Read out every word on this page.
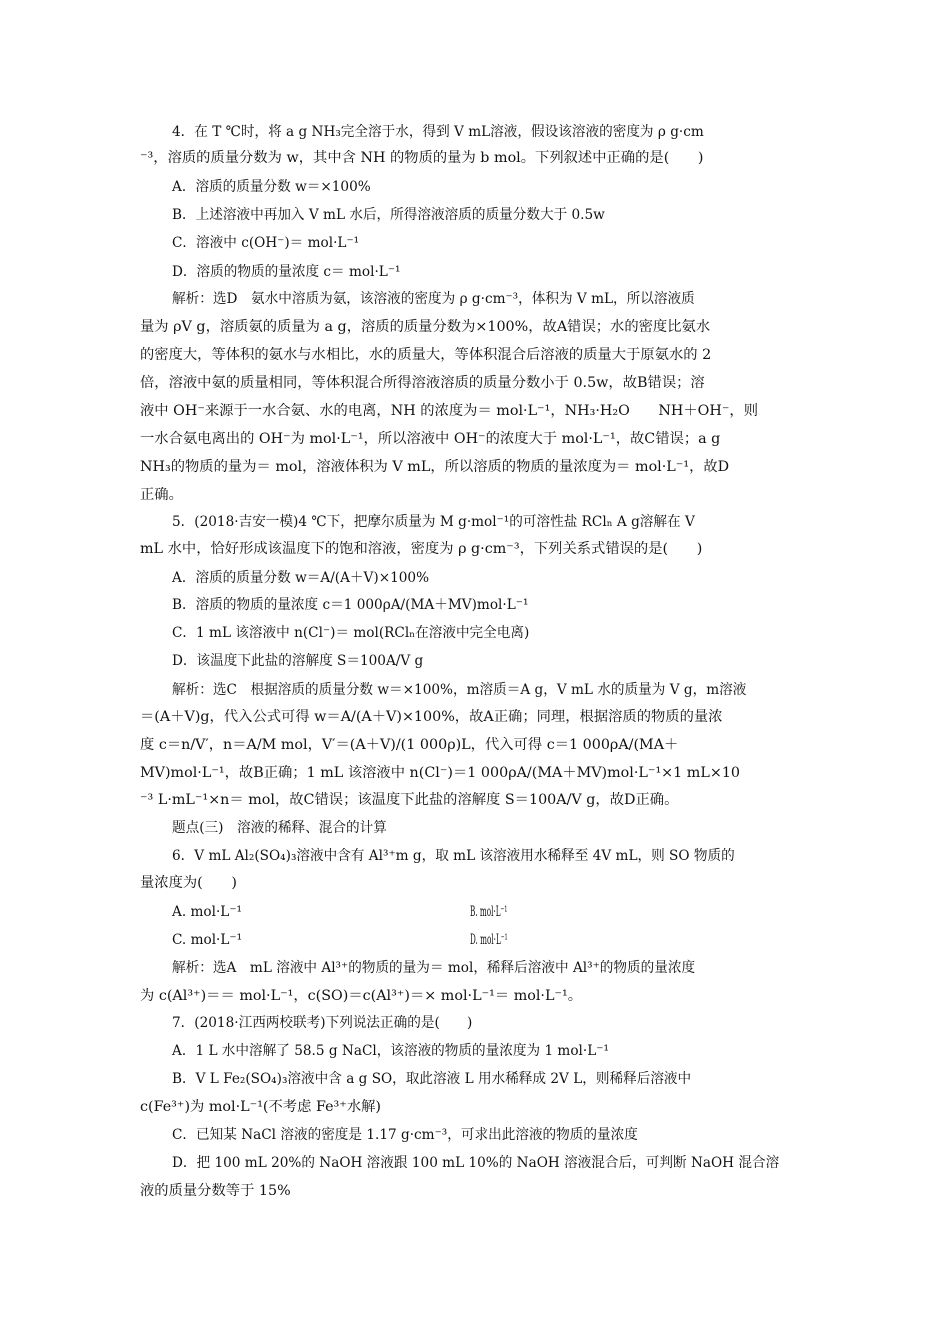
4．在 T ℃时，将 a g NH₃完全溶于水，得到 V mL溶液，假设该溶液的密度为 ρ g·cm
⁻³，溶质的质量分数为 w，其中含 NH 的物质的量为 b mol。下列叙述中正确的是(　　)
A．溶质的质量分数 w＝×100%
B．上述溶液中再加入 V mL 水后，所得溶液溶质的质量分数大于 0.5w
C．溶液中 c(OH⁻)＝ mol·L⁻¹
D．溶质的物质的量浓度 c＝ mol·L⁻¹
解析：选D　氨水中溶质为氨，该溶液的密度为 ρ g·cm⁻³，体积为 V mL，所以溶液质
量为 ρV g，溶质氨的质量为 a g，溶质的质量分数为×100%，故A错误；水的密度比氨水
的密度大，等体积的氨水与水相比，水的质量大，等体积混合后溶液的质量大于原氨水的 2
倍，溶液中氨的质量相同，等体积混合所得溶液溶质的质量分数小于 0.5w，故B错误；溶
液中 OH⁻来源于一水合氨、水的电离，NH 的浓度为＝ mol·L⁻¹，NH₃·H₂O　　NH＋OH⁻，则
一水合氨电离出的 OH⁻为 mol·L⁻¹，所以溶液中 OH⁻的浓度大于 mol·L⁻¹，故C错误；a g
NH₃的物质的量为＝ mol，溶液体积为 V mL，所以溶质的物质的量浓度为＝ mol·L⁻¹，故D
正确。
5．(2018·吉安一模)4 ℃下，把摩尔质量为 M g·mol⁻¹的可溶性盐 RClₙ A g溶解在 V
mL 水中，恰好形成该温度下的饱和溶液，密度为 ρ g·cm⁻³，下列关系式错误的是(　　)
A．溶质的质量分数 w＝A/(A＋V)×100%
B．溶质的物质的量浓度 c＝1 000ρA/(MA＋MV)mol·L⁻¹
C．1 mL 该溶液中 n(Cl⁻)＝ mol(RClₙ在溶液中完全电离)
D．该温度下此盐的溶解度 S＝100A/V g
解析：选C　根据溶质的质量分数 w＝×100%，m溶质＝A g，V mL 水的质量为 V g，m溶液
＝(A＋V)g，代入公式可得 w＝A/(A＋V)×100%，故A正确；同理，根据溶质的物质的量浓
度 c＝n/V′，n＝A/M mol，V′＝(A＋V)/(1 000ρ)L，代入可得 c＝1 000ρA/(MA＋
MV)mol·L⁻¹，故B正确；1 mL 该溶液中 n(Cl⁻)＝1 000ρA/(MA＋MV)mol·L⁻¹×1 mL×10
⁻³ L·mL⁻¹×n＝ mol，故C错误；该温度下此盐的溶解度 S＝100A/V g，故D正确。
题点(三)　溶液的稀释、混合的计算
6．V mL Al₂(SO₄)₃溶液中含有 Al³⁺m g，取 mL 该溶液用水稀释至 4V mL，则 SO 物质的
量浓度为(　　)
A. mol·L⁻¹	B. mol·L⁻¹
C. mol·L⁻¹	D. mol·L⁻¹
解析：选A　mL 溶液中 Al³⁺的物质的量为＝ mol，稀释后溶液中 Al³⁺的物质的量浓度
为 c(Al³⁺)＝＝ mol·L⁻¹，c(SO)＝c(Al³⁺)＝× mol·L⁻¹＝ mol·L⁻¹。
7．(2018·江西两校联考)下列说法正确的是(　　)
A．1 L 水中溶解了 58.5 g NaCl，该溶液的物质的量浓度为 1 mol·L⁻¹
B．V L Fe₂(SO₄)₃溶液中含 a g SO，取此溶液 L 用水稀释成 2V L，则稀释后溶液中
c(Fe³⁺)为 mol·L⁻¹(不考虑 Fe³⁺水解)
C．已知某 NaCl 溶液的密度是 1.17 g·cm⁻³，可求出此溶液的物质的量浓度
D．把 100 mL 20%的 NaOH 溶液跟 100 mL 10%的 NaOH 溶液混合后，可判断 NaOH 混合溶
液的质量分数等于 15%
